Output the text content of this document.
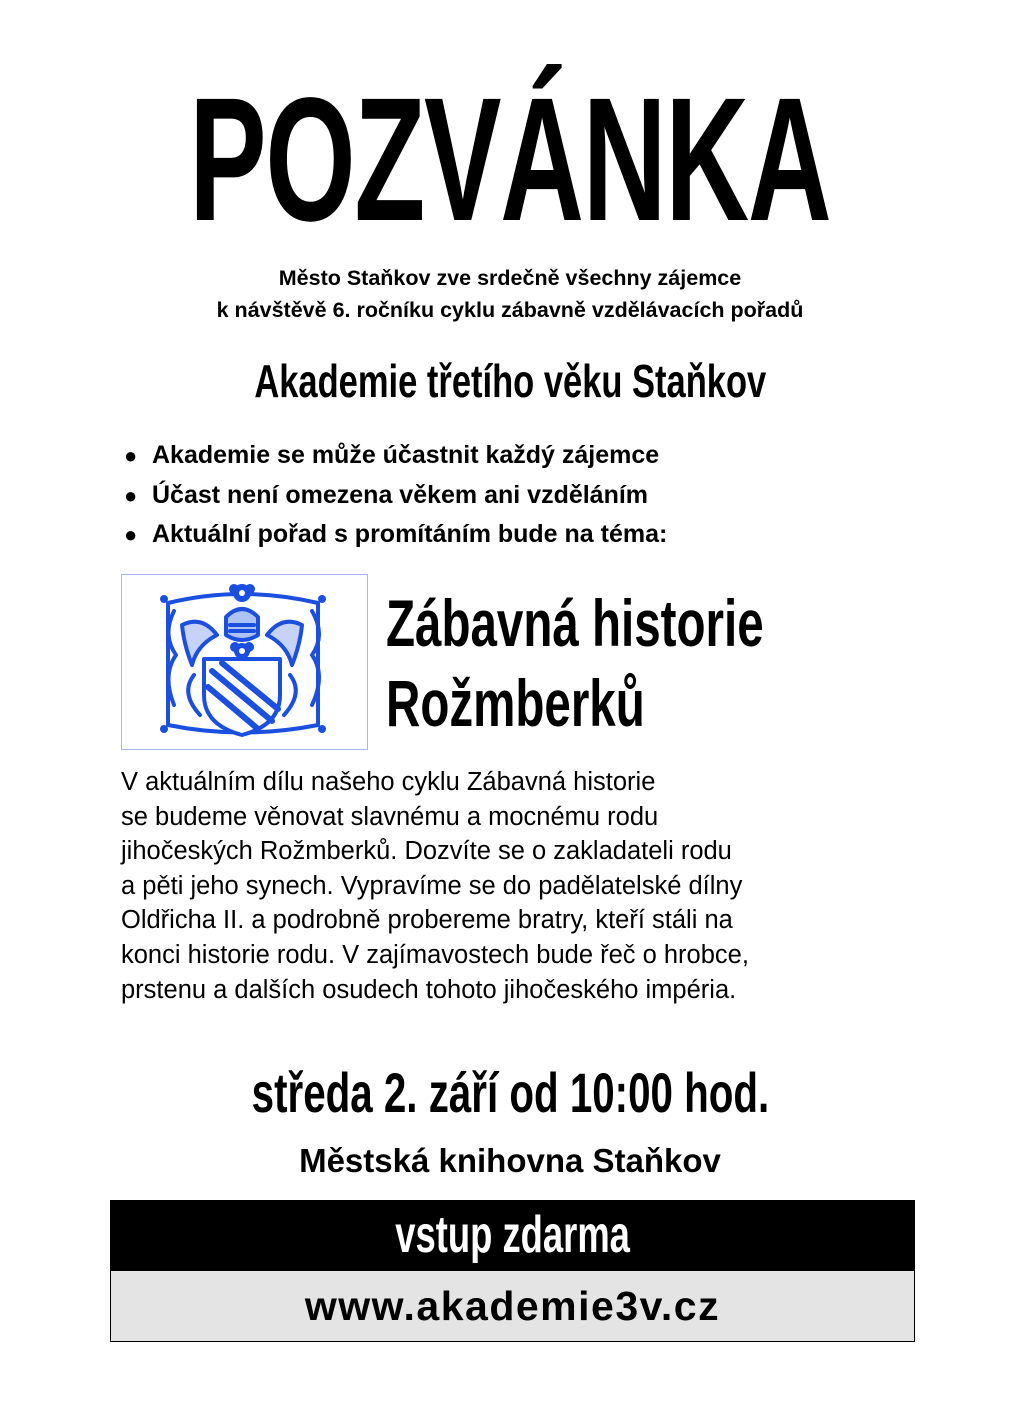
POZVÁNKA
Město Staňkov zve srdečně všechny zájemce
k návštěvě 6. ročníku cyklu zábavně vzdělávacích pořadů
Akademie třetího věku Staňkov
● Akademie se může účastnit každý zájemce
● Účast není omezena věkem ani vzděláním
● Aktuální pořad s promítáním bude na téma:
Zábavná historie
Rožmberků
V aktuálním dílu našeho cyklu Zábavná historie
se budeme věnovat slavnému a mocnému rodu
jihočeských Rožmberků. Dozvíte se o zakladateli rodu
a pěti jeho synech. Vypravíme se do padělatelské dílny
Oldřicha II. a podrobně probereme bratry, kteří stáli na
konci historie rodu. V zajímavostech bude řeč o hrobce,
prstenu a dalších osudech tohoto jihočeského impéria.
středa 2. září od 10:00 hod.
Městská knihovna Staňkov
vstup zdarma
www.akademie3v.cz
